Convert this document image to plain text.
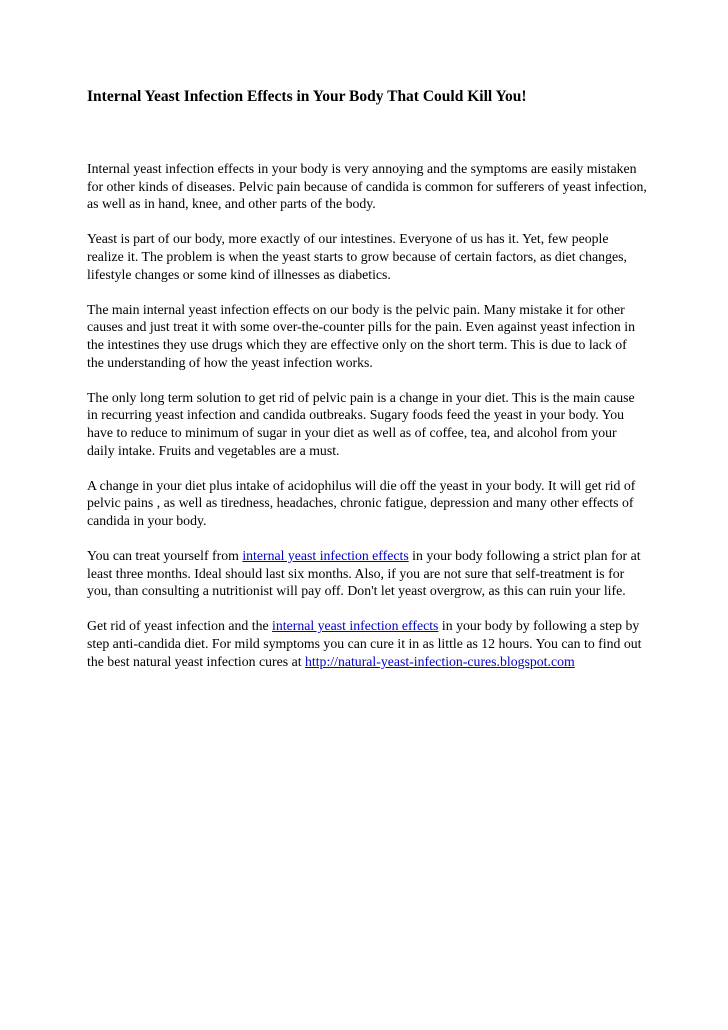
Internal Yeast Infection Effects in Your Body That Could Kill You!

Internal yeast infection effects in your body is very annoying and the symptoms are easily mistaken for other kinds of diseases. Pelvic pain because of candida is common for sufferers of yeast infection, as well as in hand, knee, and other parts of the body.

Yeast is part of our body, more exactly of our intestines. Everyone of us has it. Yet, few people realize it. The problem is when the yeast starts to grow because of certain factors, as diet changes, lifestyle changes or some kind of illnesses as diabetics.

The main internal yeast infection effects on our body is the pelvic pain. Many mistake it for other causes and just treat it with some over-the-counter pills for the pain. Even against yeast infection in the intestines they use drugs which they are effective only on the short term. This is due to lack of the understanding of how the yeast infection works.

The only long term solution to get rid of pelvic pain is a change in your diet. This is the main cause in recurring yeast infection and candida outbreaks. Sugary foods feed the yeast in your body. You have to reduce to minimum of sugar in your diet as well as of coffee, tea, and alcohol from your daily intake. Fruits and vegetables are a must.

A change in your diet plus intake of acidophilus will die off the yeast in your body. It will get rid of pelvic pains , as well as tiredness, headaches, chronic fatigue, depression and many other effects of candida in your body.

You can treat yourself from internal yeast infection effects in your body following a strict plan for at least three months. Ideal should last six months. Also, if you are not sure that self-treatment is for you, than consulting a nutritionist will pay off. Don't let yeast overgrow, as this can ruin your life.

Get rid of yeast infection and the internal yeast infection effects in your body by following a step by step anti-candida diet. For mild symptoms you can cure it in as little as 12 hours. You can to find out the best natural yeast infection cures at http://natural-yeast-infection-cures.blogspot.com
